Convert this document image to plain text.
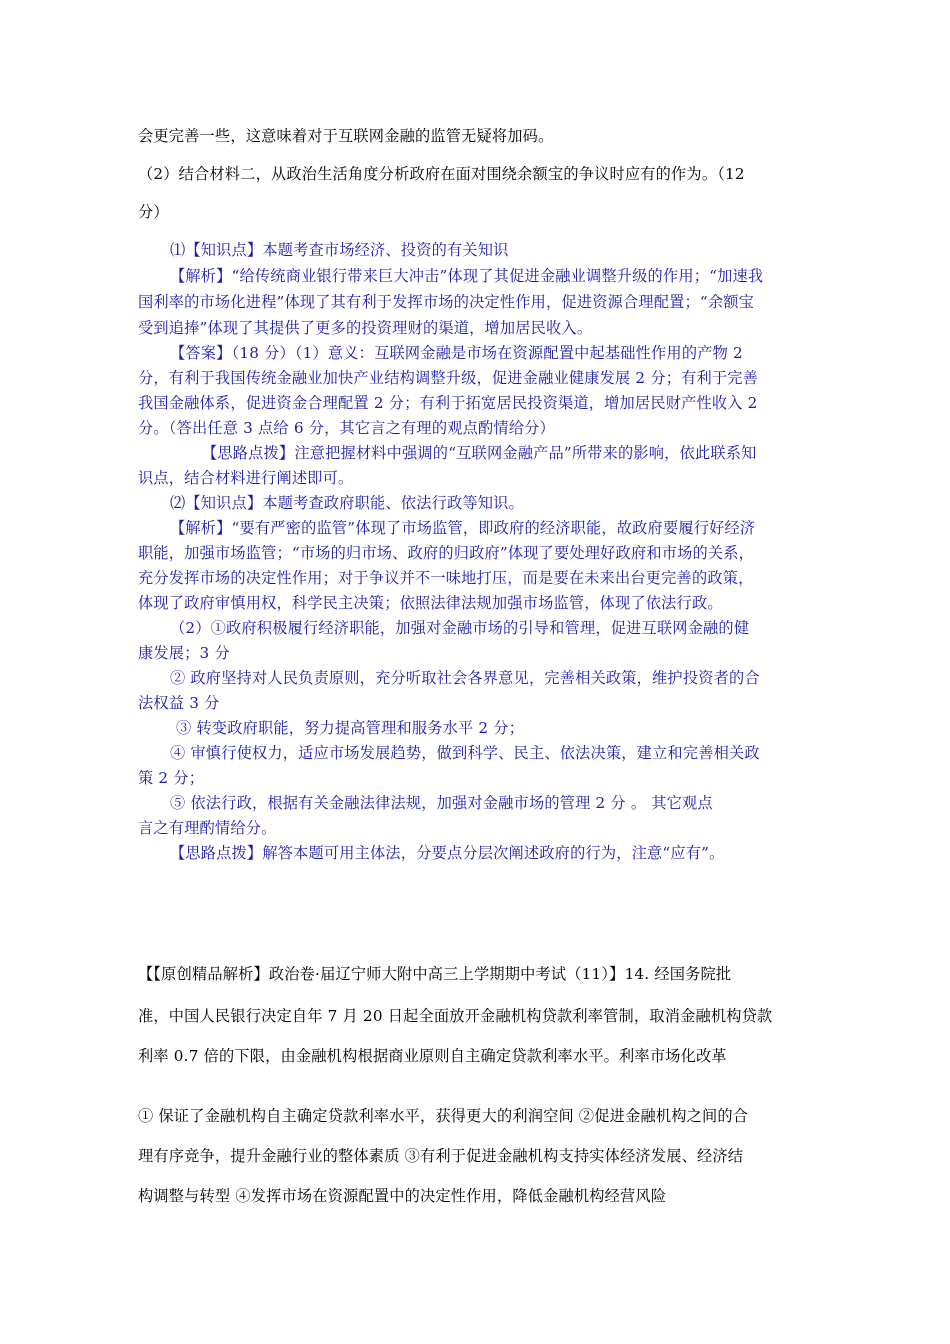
会更完善一些，这意味着对于互联网金融的监管无疑将加码。
（2）结合材料二，从政治生活角度分析政府在面对围绕余额宝的争议时应有的作为。（12
分）
⑴【知识点】本题考查市场经济、投资的有关知识
【解析】“给传统商业银行带来巨大冲击”体现了其促进金融业调整升级的作用；“加速我
国利率的市场化进程”体现了其有利于发挥市场的决定性作用，促进资源合理配置；“余额宝
受到追捧”体现了其提供了更多的投资理财的渠道，增加居民收入。
【答案】（18 分）（1）意义：互联网金融是市场在资源配置中起基础性作用的产物 2
分，有利于我国传统金融业加快产业结构调整升级，促进金融业健康发展 2 分；有利于完善
我国金融体系，促进资金合理配置 2 分；有利于拓宽居民投资渠道，增加居民财产性收入 2
分。（答出任意 3 点给 6 分，其它言之有理的观点酌情给分）
【思路点拨】注意把握材料中强调的“互联网金融产品”所带来的影响，依此联系知
识点，结合材料进行阐述即可。
⑵【知识点】本题考查政府职能、依法行政等知识。
【解析】“要有严密的监管”体现了市场监管，即政府的经济职能，故政府要履行好经济
职能，加强市场监管；“市场的归市场、政府的归政府”体现了要处理好政府和市场的关系，
充分发挥市场的决定性作用；对于争议并不一味地打压，而是要在未来出台更完善的政策，
体现了政府审慎用权，科学民主决策；依照法律法规加强市场监管，体现了依法行政。
（2）①政府积极履行经济职能，加强对金融市场的引导和管理，促进互联网金融的健
康发展；3 分
② 政府坚持对人民负责原则，充分听取社会各界意见，完善相关政策，维护投资者的合
法权益 3 分
③ 转变政府职能，努力提高管理和服务水平 2 分；
④ 审慎行使权力，适应市场发展趋势，做到科学、民主、依法决策，建立和完善相关政
策 2 分；
⑤ 依法行政，根据有关金融法律法规，加强对金融市场的管理 2 分 。 其它观点
言之有理酌情给分。
【思路点拨】解答本题可用主体法，分要点分层次阐述政府的行为，注意“应有”。
【【原创精品解析】政治卷·届辽宁师大附中高三上学期期中考试（11）】14. 经国务院批
准，中国人民银行决定自年 7 月 20 日起全面放开金融机构贷款利率管制，取消金融机构贷款
利率 0.7 倍的下限，由金融机构根据商业原则自主确定贷款利率水平。利率市场化改革
① 保证了金融机构自主确定贷款利率水平，获得更大的利润空间 ②促进金融机构之间的合
理有序竞争，提升金融行业的整体素质 ③有利于促进金融机构支持实体经济发展、经济结
构调整与转型 ④发挥市场在资源配置中的决定性作用，降低金融机构经营风险
